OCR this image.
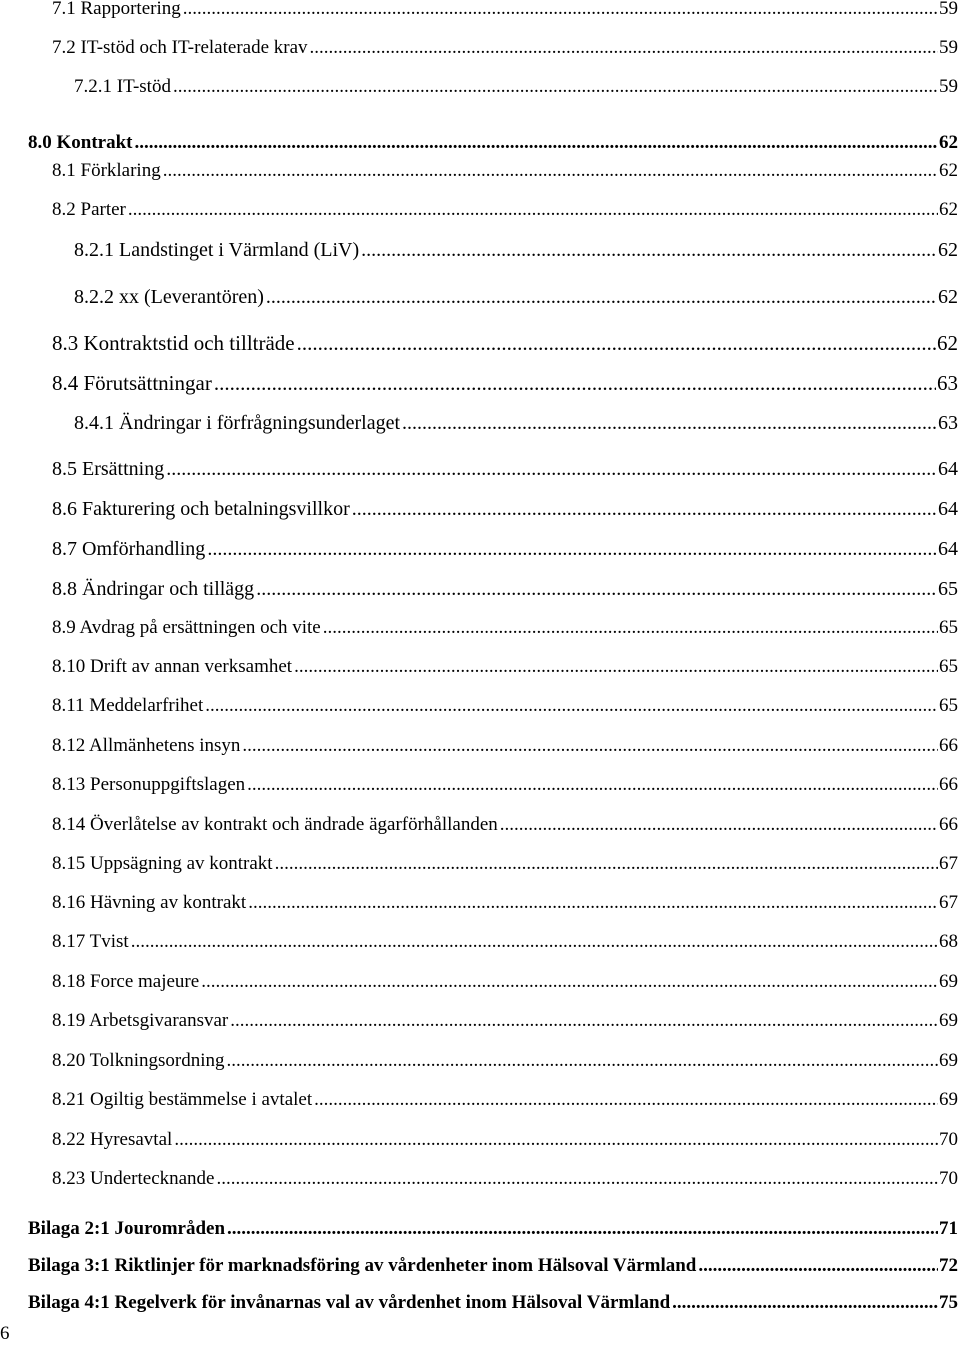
7.1 Rapportering .....	59
7.2 IT-stöd och IT-relaterade krav .....	59
7.2.1 IT-stöd .....	59
8.0 Kontrakt .....	62
8.1 Förklaring .....	62
8.2 Parter .....	62
8.2.1 Landstinget i Värmland (LiV) .....	62
8.2.2 xx (Leverantören) .....	62
8.3 Kontraktstid och tillträde .....	62
8.4 Förutsättningar .....	63
8.4.1 Ändringar i förfrågningsunderlaget .....	63
8.5 Ersättning .....	64
8.6 Fakturering och betalningsvillkor .....	64
8.7 Omförhandling .....	64
8.8 Ändringar och tillägg .....	65
8.9 Avdrag på ersättningen och vite .....	65
8.10 Drift av annan verksamhet .....	65
8.11 Meddelarfrihet .....	65
8.12 Allmänhetens insyn .....	66
8.13 Personuppgiftslagen .....	66
8.14 Överlåtelse av kontrakt och ändrade ägarförhållanden .....	66
8.15 Uppsägning av kontrakt .....	67
8.16 Hävning av kontrakt .....	67
8.17 Tvist .....	68
8.18 Force majeure .....	69
8.19 Arbetsgivaransvar .....	69
8.20 Tolkningsordning .....	69
8.21 Ogiltig bestämmelse i avtalet .....	69
8.22 Hyresavtal .....	70
8.23 Undertecknande .....	70
Bilaga 2:1 Jourområden .....	71
Bilaga 3:1 Riktlinjer för marknadsföring av vårdenheter inom Hälsoval Värmland .....	72
Bilaga 4:1 Regelverk för invånarnas val av vårdenhet inom Hälsoval Värmland .....	75
6
